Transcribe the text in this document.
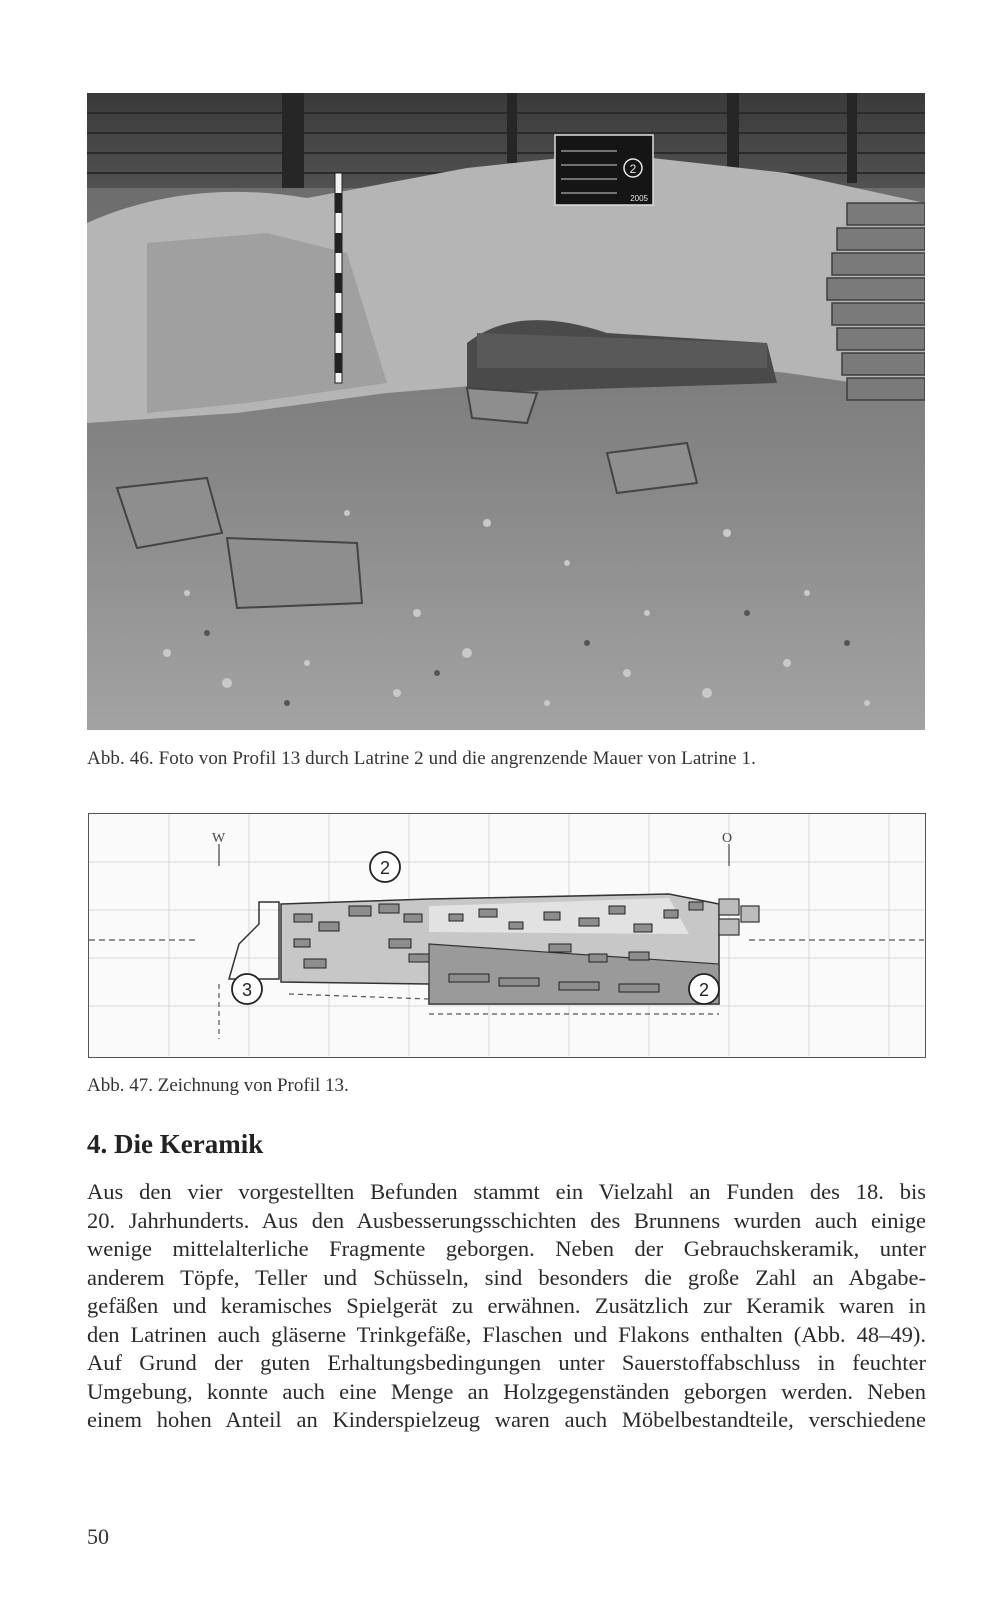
2
2005
Abb. 46. Foto von Profil 13 durch Latrine 2 und die angrenzende Mauer von Latrine 1.
W	O
2
3	2
Abb. 47. Zeichnung von Profil 13.
4. Die Keramik
Aus den vier vorgestellten Befunden stammt ein Vielzahl an Funden des 18. bis
20. Jahrhunderts. Aus den Ausbesserungsschichten des Brunnens wurden auch einige
wenige mittelalterliche Fragmente geborgen. Neben der Gebrauchskeramik, unter
anderem Töpfe, Teller und Schüsseln, sind besonders die große Zahl an Abgabe-
gefäßen und keramisches Spielgerät zu erwähnen. Zusätzlich zur Keramik waren in
den Latrinen auch gläserne Trinkgefäße, Flaschen und Flakons enthalten (Abb. 48–49).
Auf Grund der guten Erhaltungsbedingungen unter Sauerstoffabschluss in feuchter
Umgebung, konnte auch eine Menge an Holzgegenständen geborgen werden. Neben
einem hohen Anteil an Kinderspielzeug waren auch Möbelbestandteile, verschiedene
50
